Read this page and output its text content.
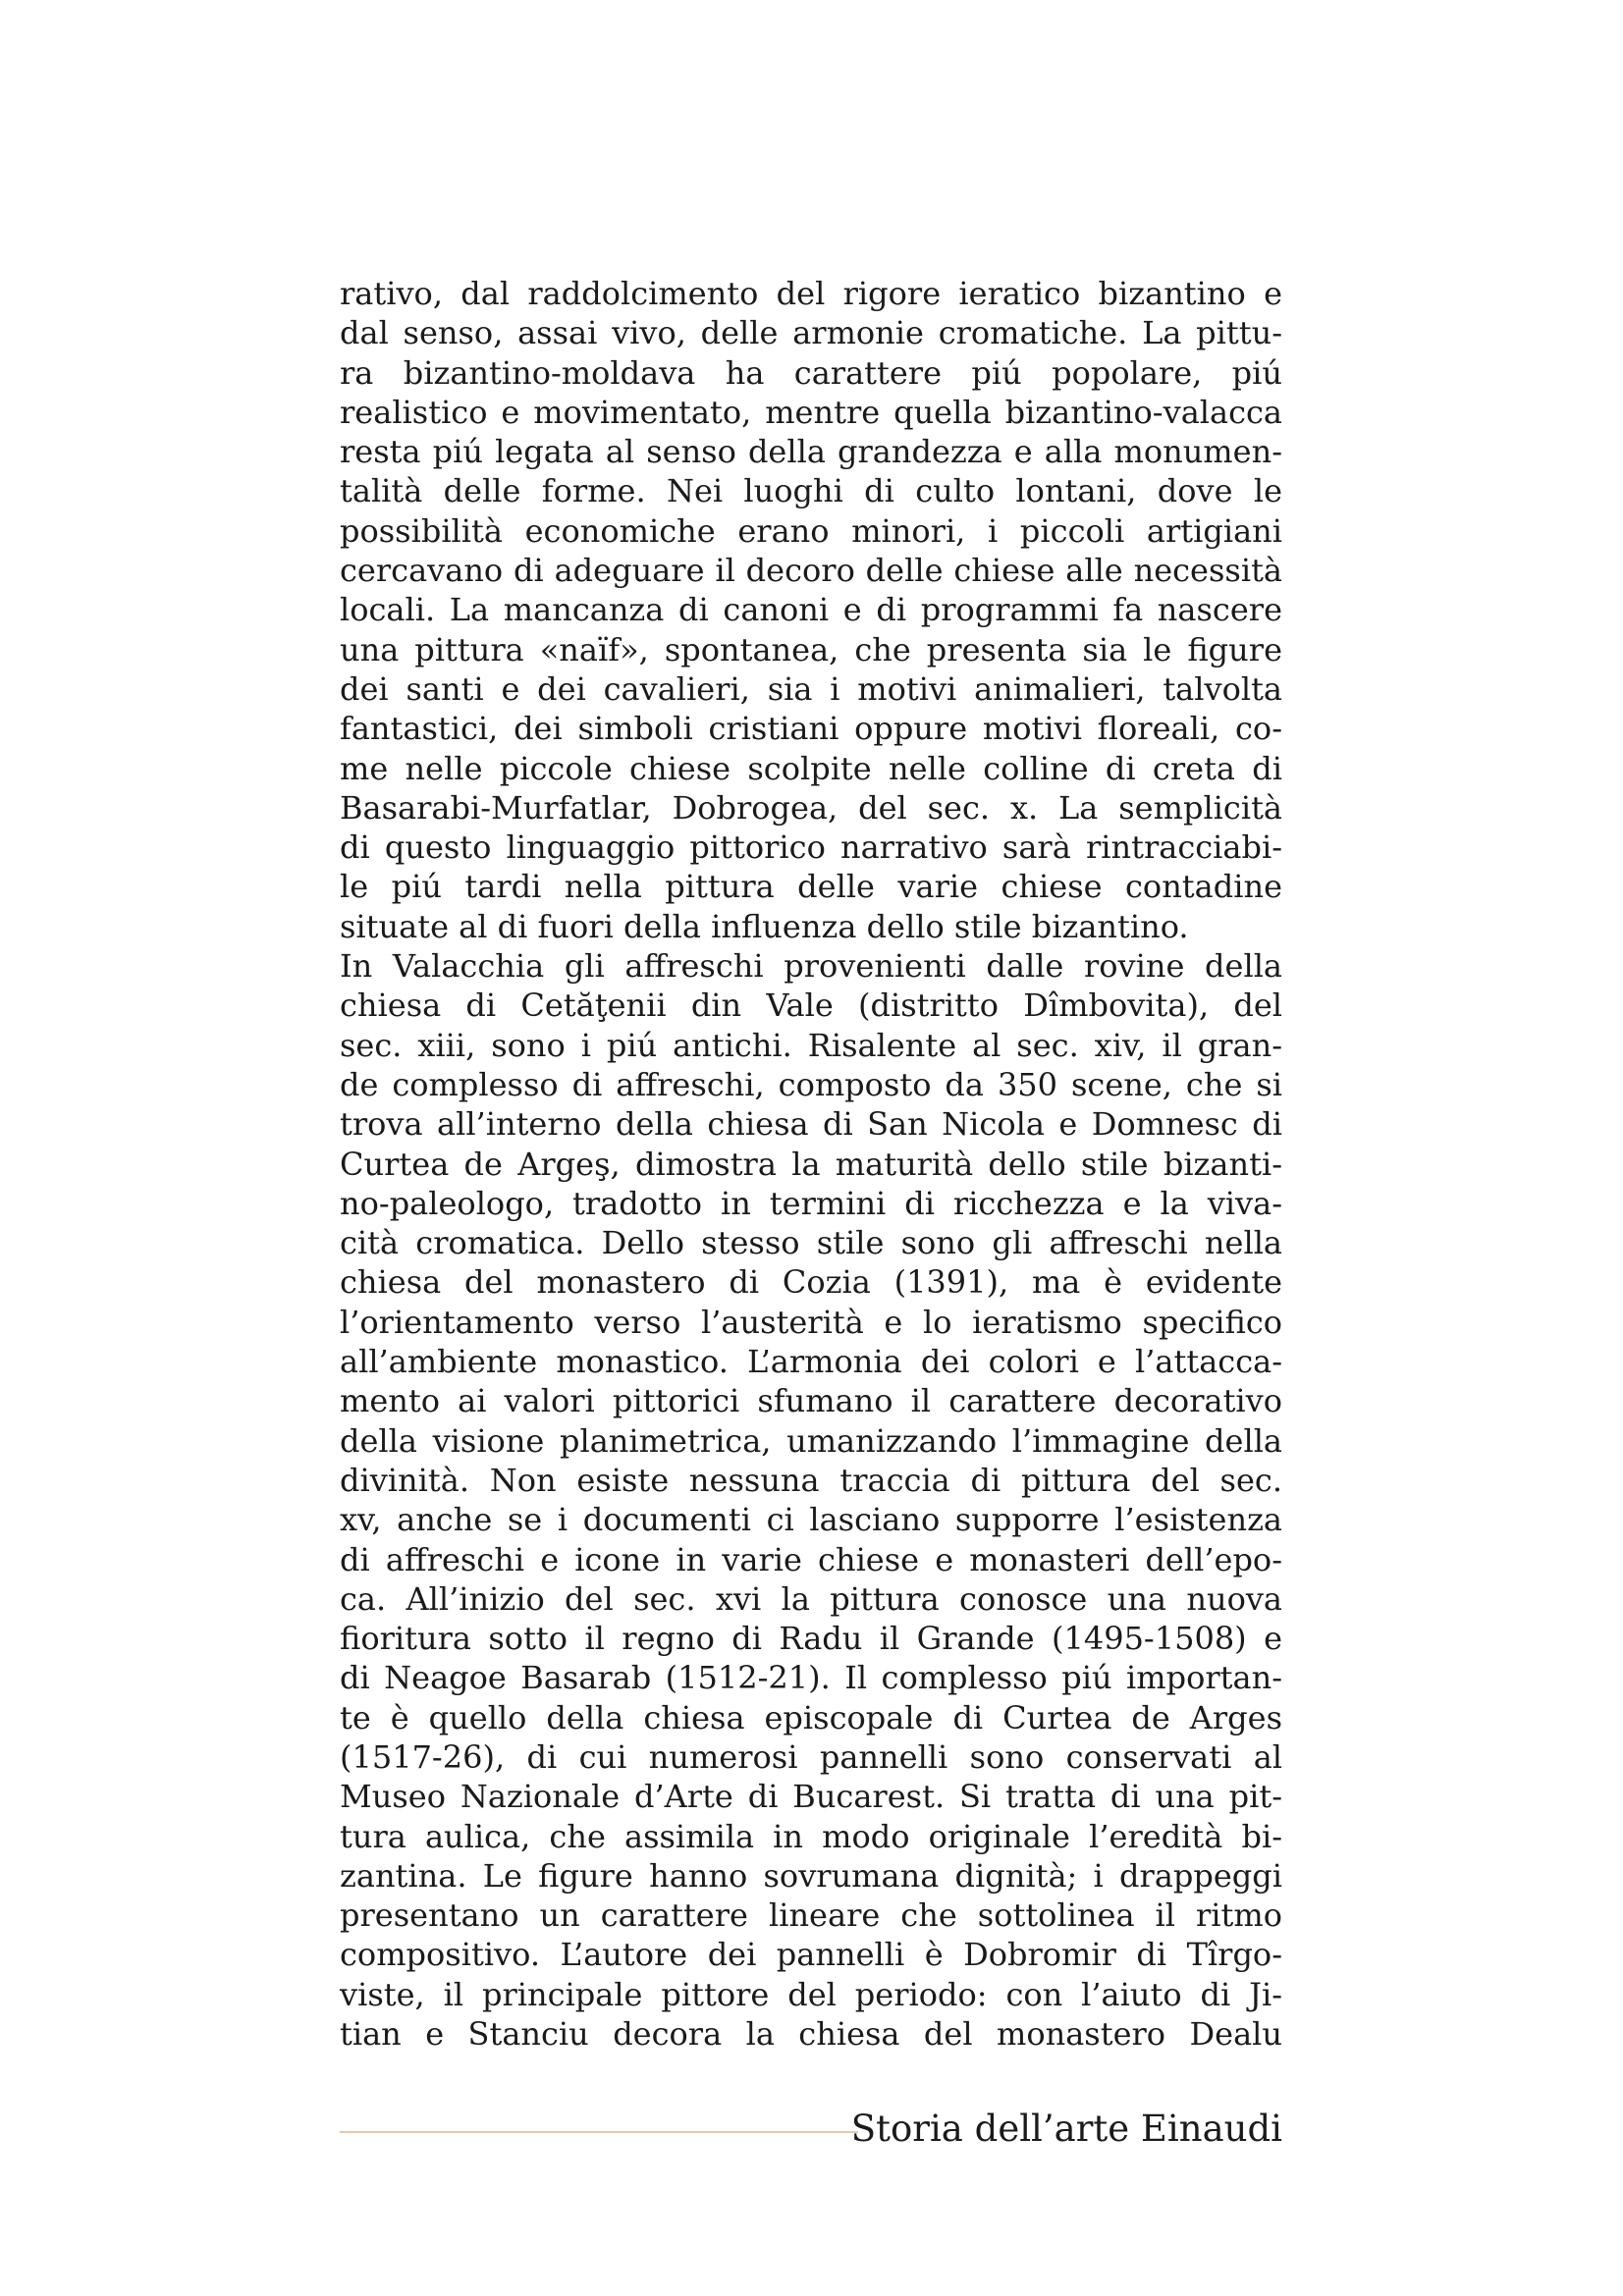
rativo, dal raddolcimento del rigore ieratico bizantino e
dal senso, assai vivo, delle armonie cromatiche. La pittu-
ra bizantino-moldava ha carattere piú popolare, piú
realistico e movimentato, mentre quella bizantino-valacca
resta piú legata al senso della grandezza e alla monumen-
talità delle forme. Nei luoghi di culto lontani, dove le
possibilità economiche erano minori, i piccoli artigiani
cercavano di adeguare il decoro delle chiese alle necessità
locali. La mancanza di canoni e di programmi fa nascere
una pittura «naïf», spontanea, che presenta sia le figure
dei santi e dei cavalieri, sia i motivi animalieri, talvolta
fantastici, dei simboli cristiani oppure motivi floreali, co-
me nelle piccole chiese scolpite nelle colline di creta di
Basarabi-Murfatlar, Dobrogea, del sec. x. La semplicità
di questo linguaggio pittorico narrativo sarà rintracciabi-
le piú tardi nella pittura delle varie chiese contadine
situate al di fuori della influenza dello stile bizantino.
In Valacchia gli affreschi provenienti dalle rovine della
chiesa di Cetăţenii din Vale (distritto Dîmbovita), del
sec. xiii, sono i piú antichi. Risalente al sec. xiv, il gran-
de complesso di affreschi, composto da 350 scene, che si
trova all’interno della chiesa di San Nicola e Domnesc di
Curtea de Argeş, dimostra la maturità dello stile bizanti-
no-paleologo, tradotto in termini di ricchezza e la viva-
cità cromatica. Dello stesso stile sono gli affreschi nella
chiesa del monastero di Cozia (1391), ma è evidente
l’orientamento verso l’austerità e lo ieratismo specifico
all’ambiente monastico. L’armonia dei colori e l’attacca-
mento ai valori pittorici sfumano il carattere decorativo
della visione planimetrica, umanizzando l’immagine della
divinità. Non esiste nessuna traccia di pittura del sec.
xv, anche se i documenti ci lasciano supporre l’esistenza
di affreschi e icone in varie chiese e monasteri dell’epo-
ca. All’inizio del sec. xvi la pittura conosce una nuova
fioritura sotto il regno di Radu il Grande (1495-1508) e
di Neagoe Basarab (1512-21). Il complesso piú importan-
te è quello della chiesa episcopale di Curtea de Arges
(1517-26), di cui numerosi pannelli sono conservati al
Museo Nazionale d’Arte di Bucarest. Si tratta di una pit-
tura aulica, che assimila in modo originale l’eredità bi-
zantina. Le figure hanno sovrumana dignità; i drappeggi
presentano un carattere lineare che sottolinea il ritmo
compositivo. L’autore dei pannelli è Dobromir di Tîrgo-
viste, il principale pittore del periodo: con l’aiuto di Ji-
tian e Stanciu decora la chiesa del monastero Dealu
Storia dell’arte Einaudi
